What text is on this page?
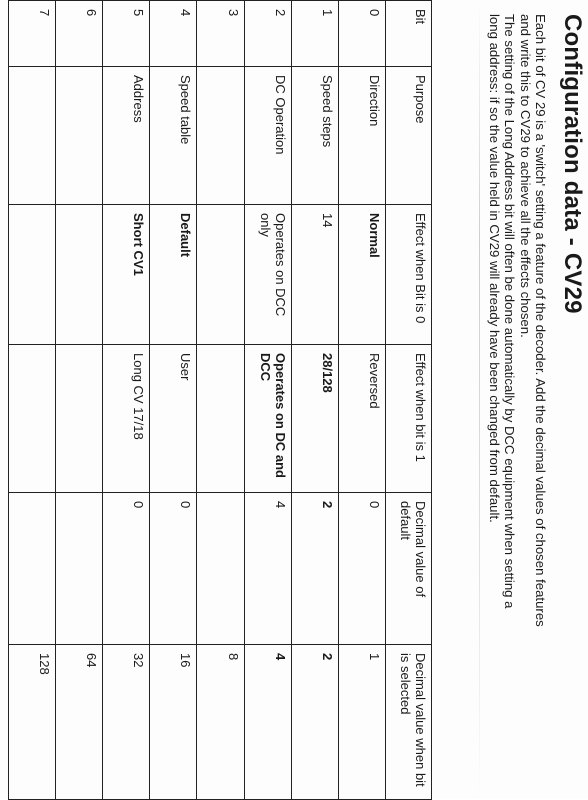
Configuration data - CV29

Each bit of CV 29 is a 'switch' setting a feature of the decoder. Add the decimal values of chosen features

and write this to CV29 to achieve all the effects chosen.

The setting of the Long Address bit will often be done automatically by DCC equipment when setting a

long address: if so the value held in CV29 will already have been changed from default.

Bit	Purpose	Effect when Bit is 0	Effect when bit is 1	Decimal value of default	Decimal value when bit is selected
0	Direction	Normal	Reversed	0	1
1	Speed steps	14	28/128	2	2
2	DC Operation	Operates on DCC only	Operates on DC and DCC	4	4
3					8
4	Speed table	Default	User	0	16
5	Address	Short CV1	Long CV 17/18	0	32
6					64
7					128
